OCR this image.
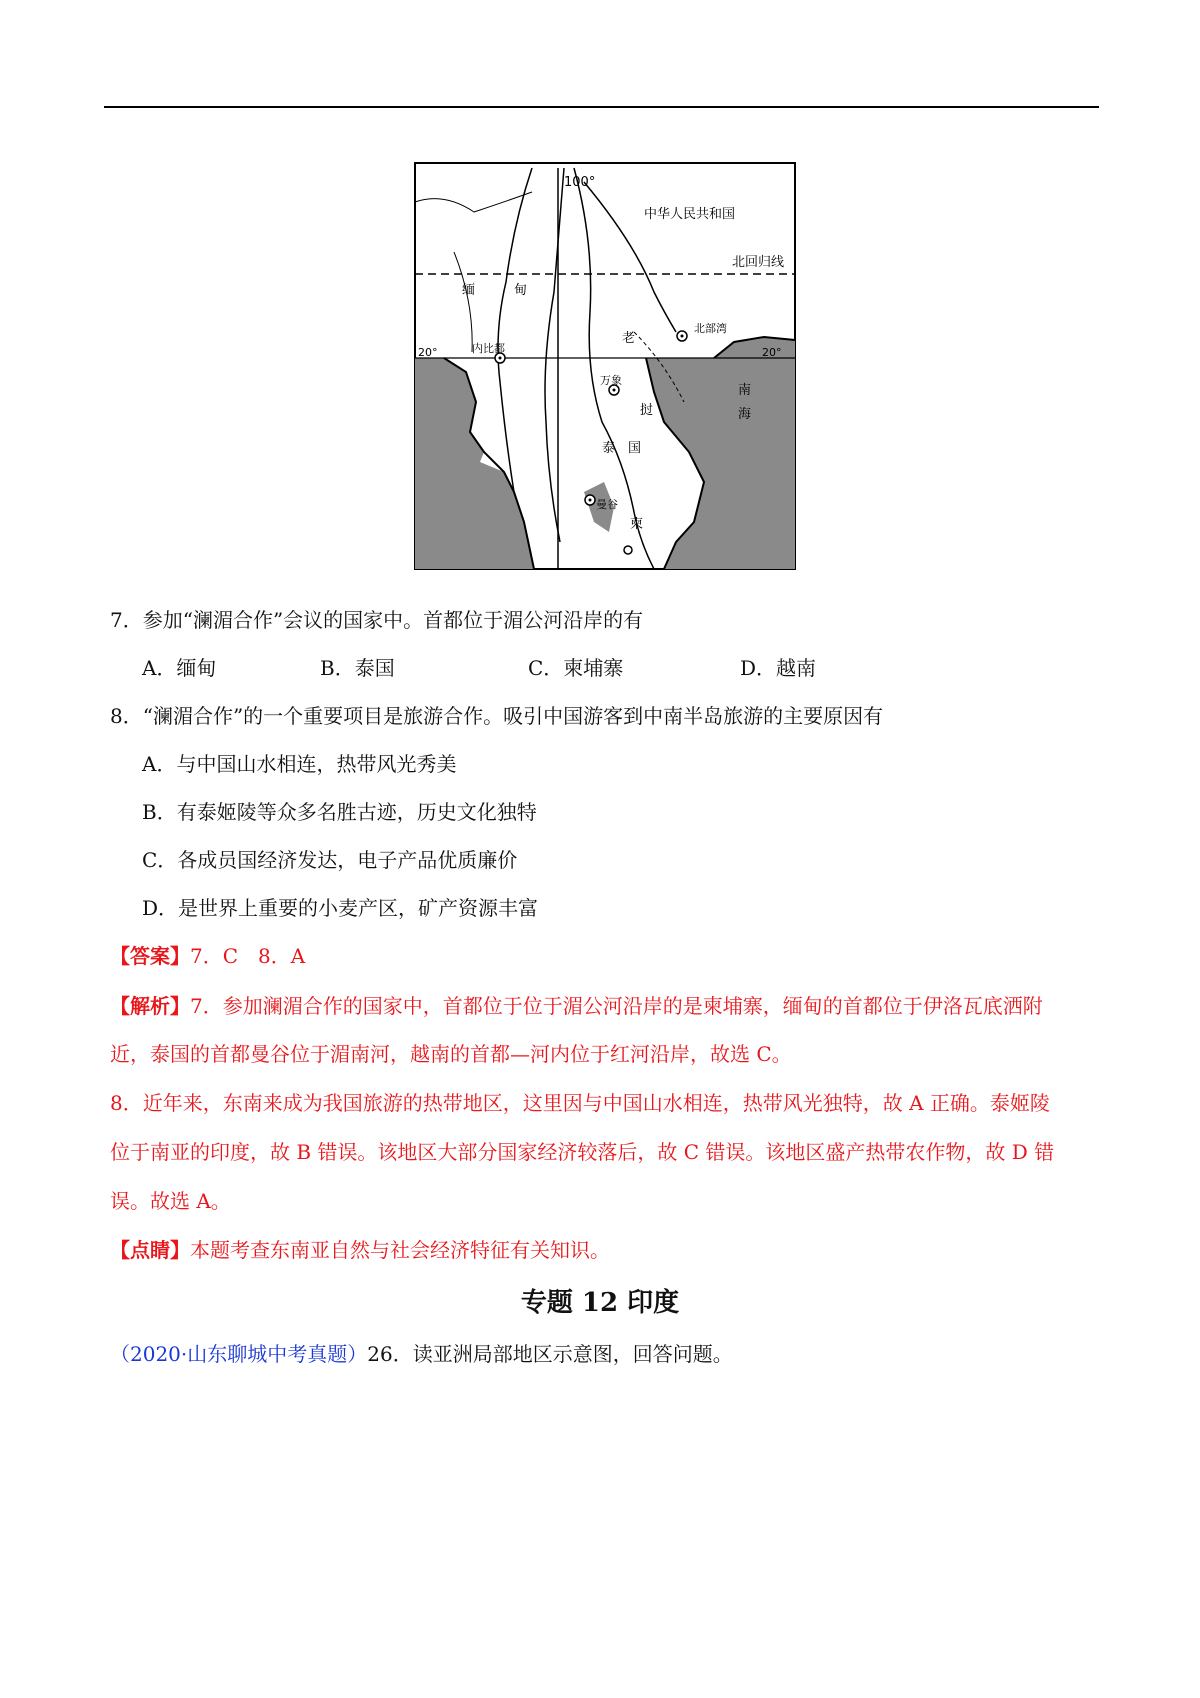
100°
中华人民共和国
北回归线
缅	甸
内比都
北部湾
20°	20°
老
万象
挝
泰 国
曼谷
柬
南
海
7．参加“澜湄合作”会议的国家中。首都位于湄公河沿岸的有
A．缅甸	B．泰国	C．柬埔寨	D．越南
8．“澜湄合作”的一个重要项目是旅游合作。吸引中国游客到中南半岛旅游的主要原因有
A．与中国山水相连，热带风光秀美
B．有泰姬陵等众多名胜古迹，历史文化独特
C．各成员国经济发达，电子产品优质廉价
D．是世界上重要的小麦产区，矿产资源丰富
【答案】7．C　8．A
【解析】7．参加澜湄合作的国家中，首都位于位于湄公河沿岸的是柬埔寨，缅甸的首都位于伊洛瓦底洒附
近，泰国的首都曼谷位于湄南河，越南的首都—河内位于红河沿岸，故选 C。
8．近年来，东南来成为我国旅游的热带地区，这里因与中国山水相连，热带风光独特，故 A 正确。泰姬陵
位于南亚的印度，故 B 错误。该地区大部分国家经济较落后，故 C 错误。该地区盛产热带农作物，故 D 错
误。故选 A。
【点睛】本题考查东南亚自然与社会经济特征有关知识。
专题 12 印度
（2020·山东聊城中考真题）26．读亚洲局部地区示意图，回答问题。
